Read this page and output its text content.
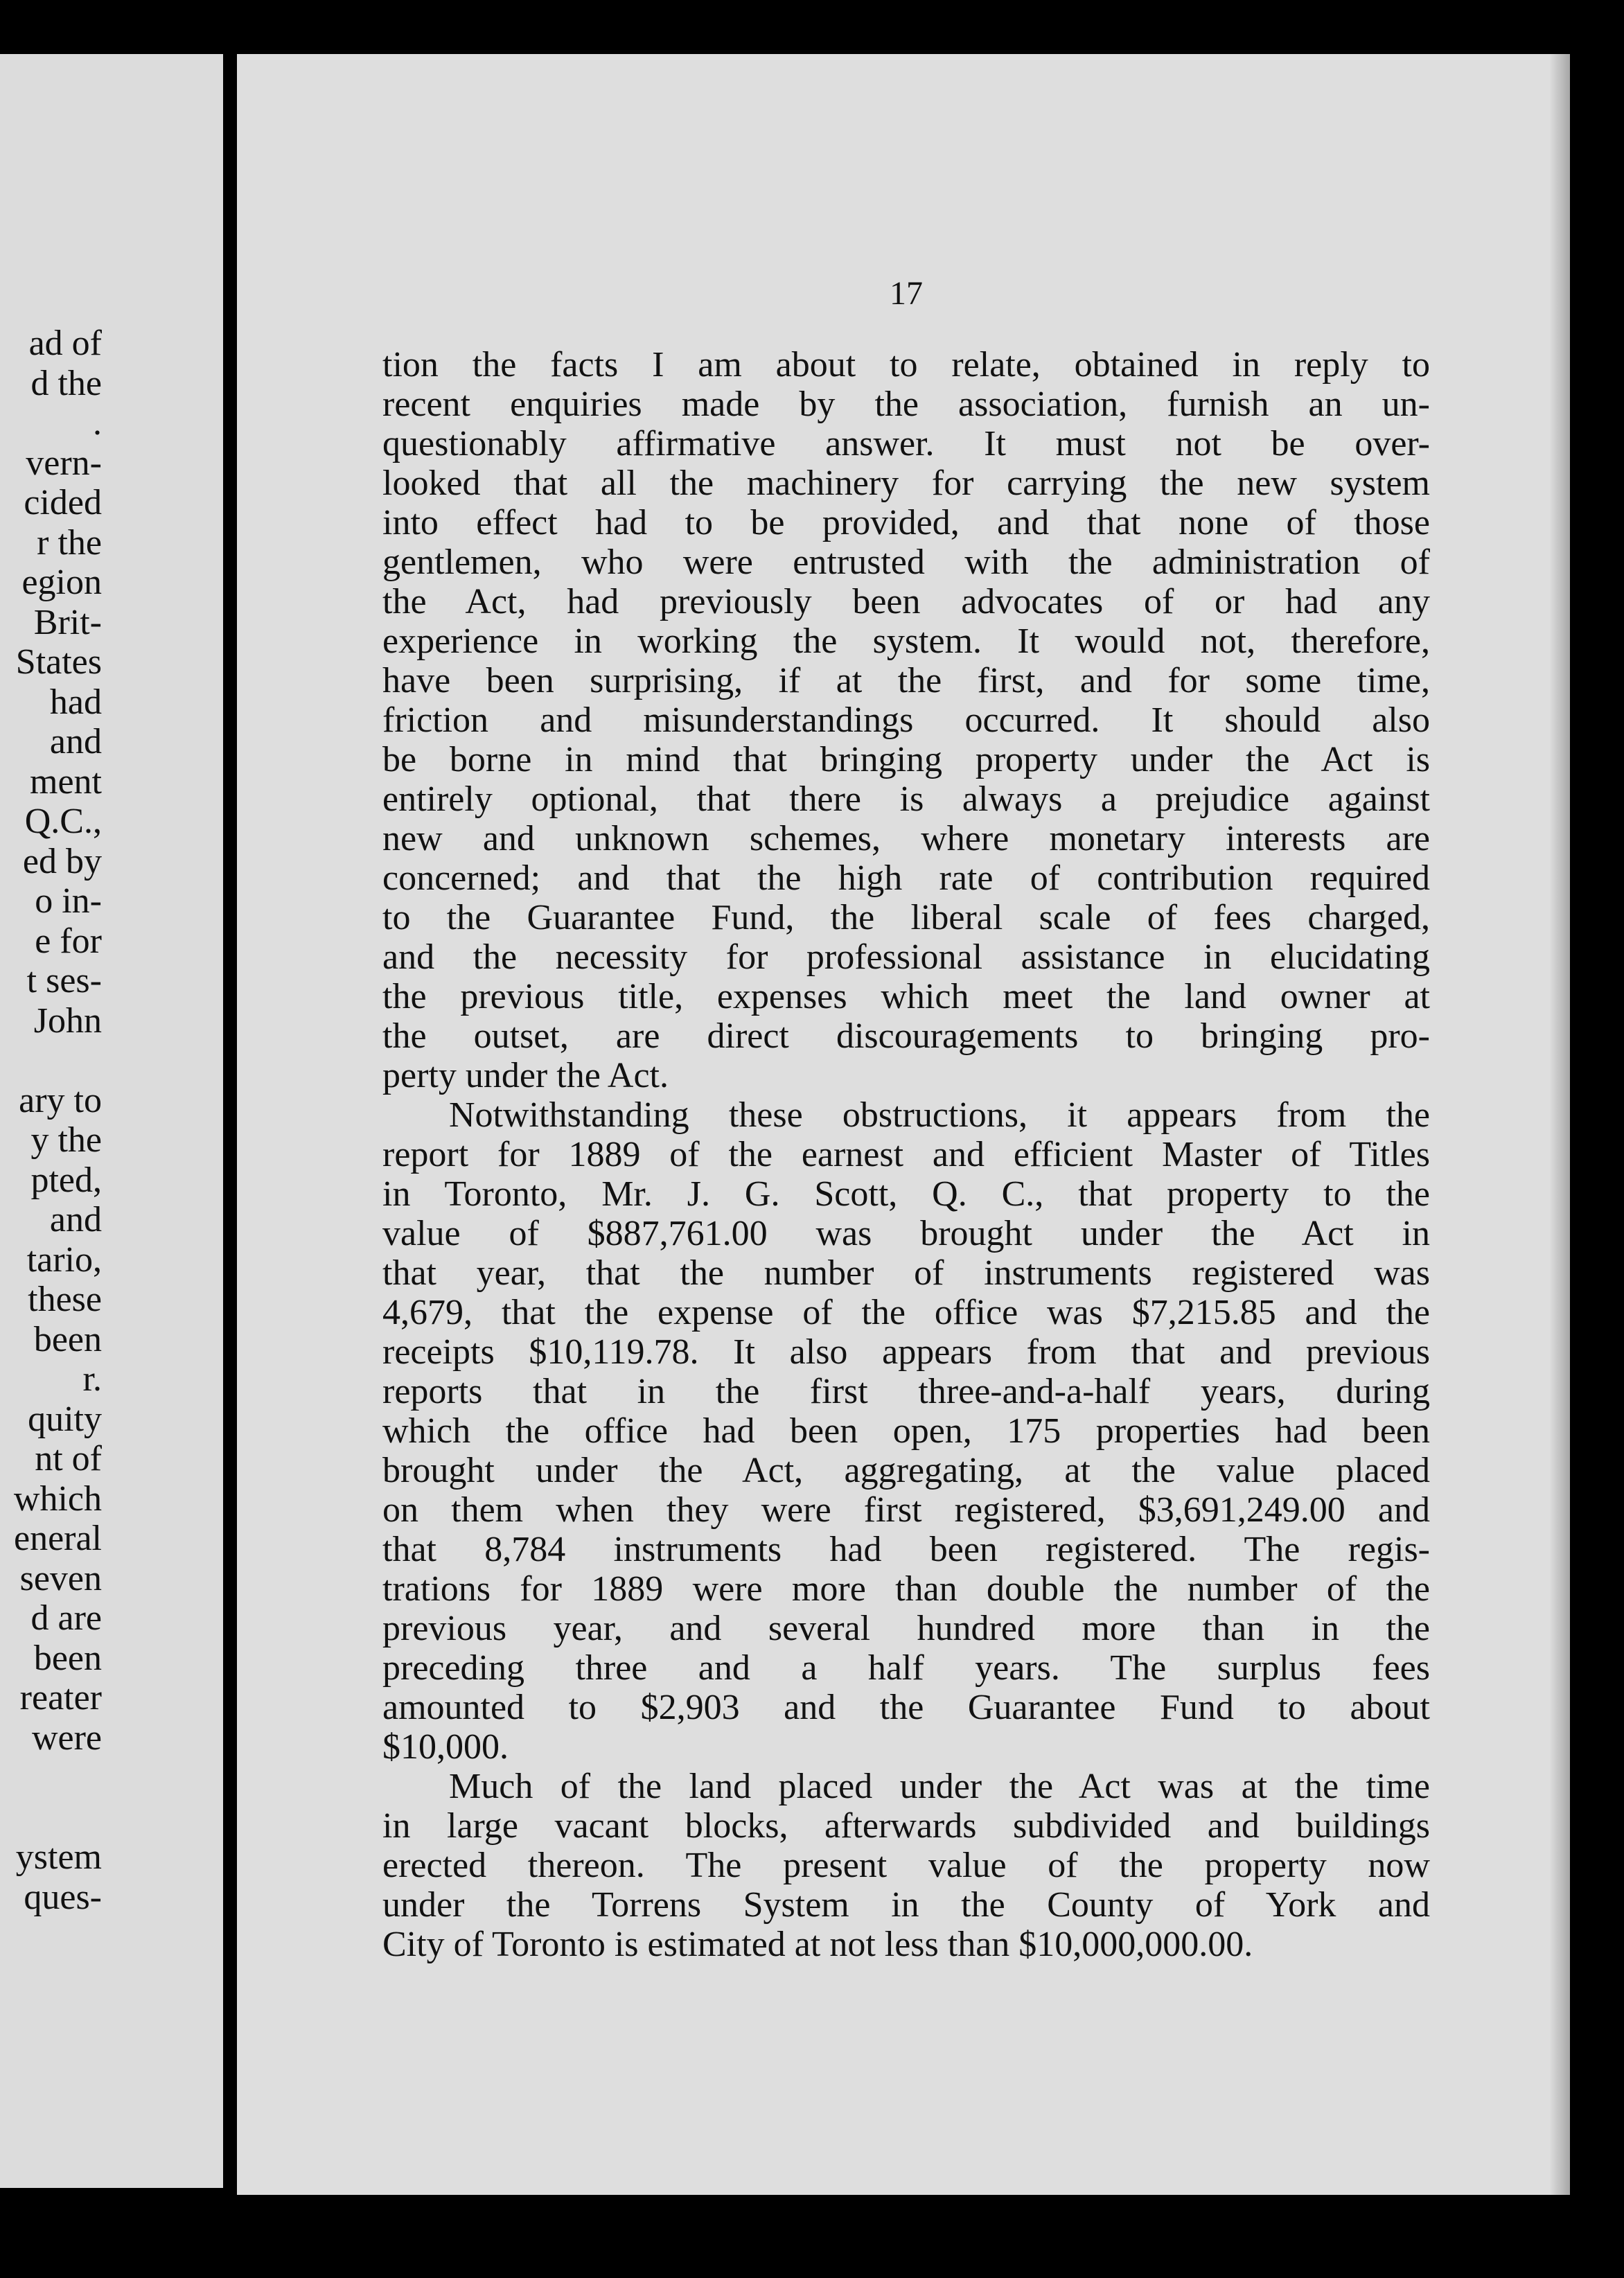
ad of
d the
.
vern-
cided
r the
egion
Brit-
States
had
and
ment
Q.C.,
ed by
o in-
e for
t ses-
John
ary to
y the
pted,
and
tario,
these
been
r.
quity
nt of
which
eneral
seven
d are
been
reater
were
ystem
ques-
17
tion the facts I am about to relate, obtained in reply to
recent enquiries made by the association, furnish an un-
questionably affirmative answer. It must not be over-
looked that all the machinery for carrying the new system
into effect had to be provided, and that none of those
gentlemen, who were entrusted with the administration of
the Act, had previously been advocates of or had any
experience in working the system. It would not, therefore,
have been surprising, if at the first, and for some time,
friction and misunderstandings occurred. It should also
be borne in mind that bringing property under the Act is
entirely optional, that there is always a prejudice against
new and unknown schemes, where monetary interests are
concerned; and that the high rate of contribution required
to the Guarantee Fund, the liberal scale of fees charged,
and the necessity for professional assistance in elucidating
the previous title, expenses which meet the land owner at
the outset, are direct discouragements to bringing pro-
perty under the Act.
Notwithstanding these obstructions, it appears from the
report for 1889 of the earnest and efficient Master of Titles
in Toronto, Mr. J. G. Scott, Q. C., that property to the
value of $887,761.00 was brought under the Act in
that year, that the number of instruments registered was
4,679, that the expense of the office was $7,215.85 and the
receipts $10,119.78. It also appears from that and previous
reports that in the first three-and-a-half years, during
which the office had been open, 175 properties had been
brought under the Act, aggregating, at the value placed
on them when they were first registered, $3,691,249.00 and
that 8,784 instruments had been registered. The regis-
trations for 1889 were more than double the number of the
previous year, and several hundred more than in the
preceding three and a half years. The surplus fees
amounted to $2,903 and the Guarantee Fund to about
$10,000.
Much of the land placed under the Act was at the time
in large vacant blocks, afterwards subdivided and buildings
erected thereon. The present value of the property now
under the Torrens System in the County of York and
City of Toronto is estimated at not less than $10,000,000.00.
